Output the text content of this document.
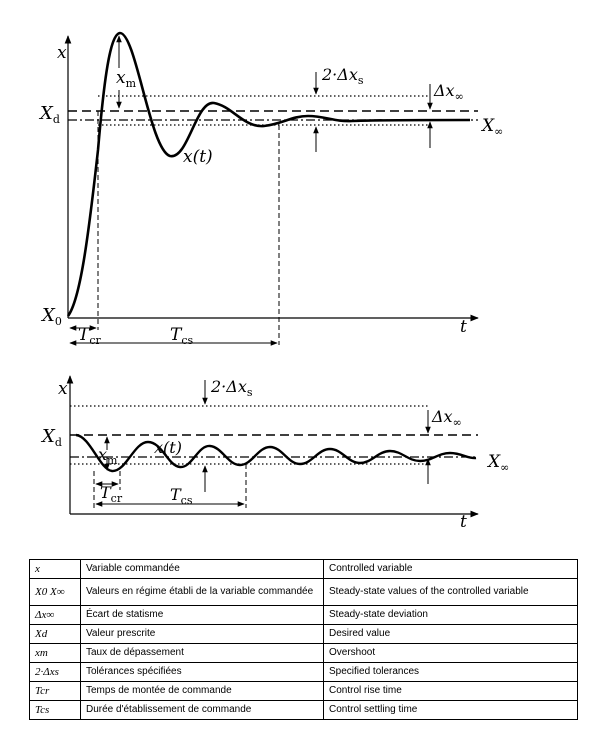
x
t
$X_d$
$X_0$
$x_m$
x(t)
$2\cdot\Delta x_s$
$\Delta x_\infty$
$X_\infty$
$T_{cr}$	$T_{cs}$
x
t
$X_d$
$x_m$
x(t)
$2\cdot\Delta x_s$
$\Delta x_\infty$
$X_\infty$
$T_{cr}$	$T_{cs}$
x	Variable commandée	Controlled variable
X0 X∞	Valeurs en régime établi de la variable commandée	Steady-state values of the controlled variable
Δx∞	Écart de statisme	Steady-state deviation
Xd	Valeur prescrite	Desired value
xm	Taux de dépassement	Overshoot
2·Δxs	Tolérances spécifiées	Specified tolerances
Tcr	Temps de montée de commande	Control rise time
Tcs	Durée d'établissement de commande	Control settling time
